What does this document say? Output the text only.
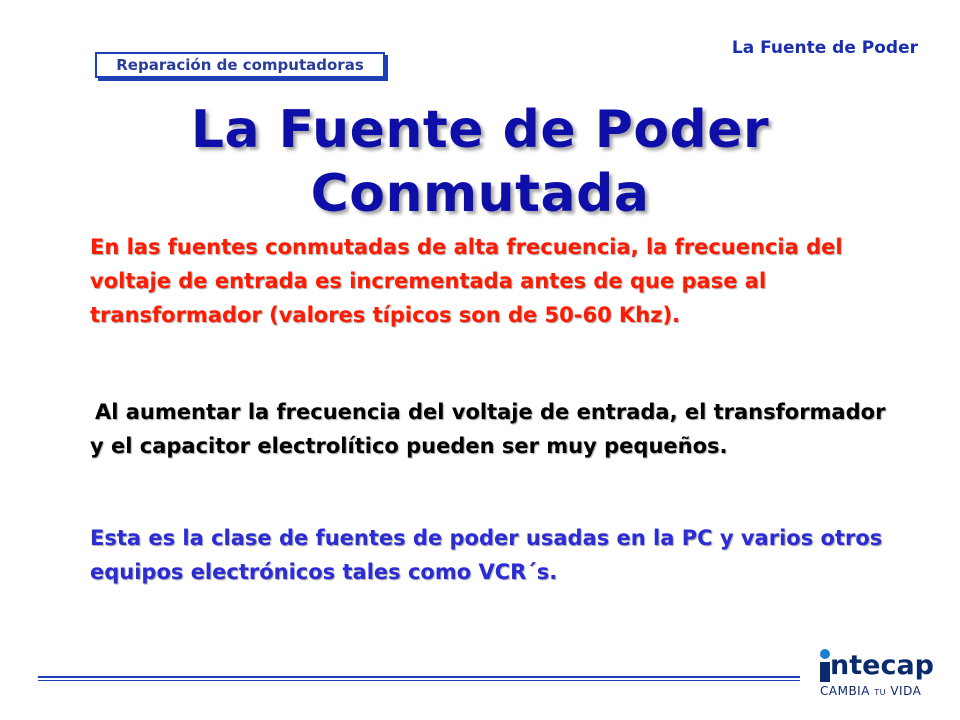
La Fuente de Poder
Reparación de computadoras
La Fuente de Poder
Conmutada

En las fuentes conmutadas de alta frecuencia, la frecuencia del voltaje de entrada es incrementada antes de que pase al transformador (valores típicos son de 50-60 Khz).

Al aumentar la frecuencia del voltaje de entrada, el transformador y el capacitor electrolítico pueden ser muy pequeños.

Esta es la clase de fuentes de poder usadas en la PC y varios otros equipos electrónicos tales como VCR´s.

ntecap
CAMBIA TU VIDA
